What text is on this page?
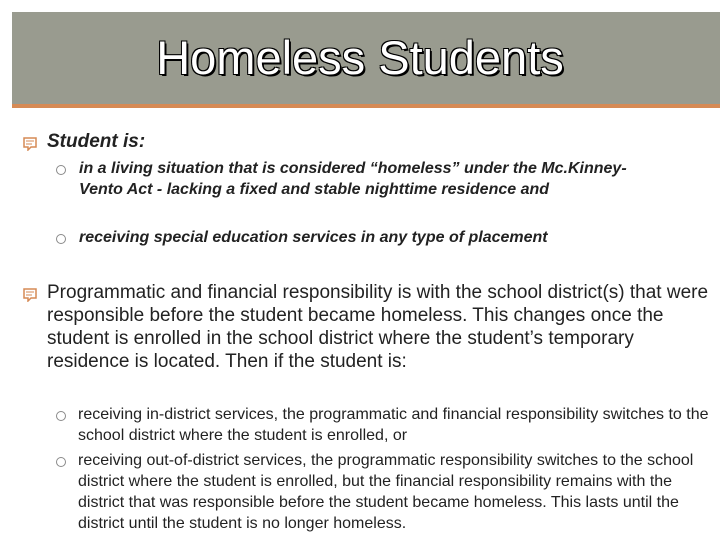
Homeless Students
Student is:
in a living situation that is considered “homeless” under the Mc.Kinney-Vento Act - lacking a fixed and stable nighttime residence and
receiving special education services in any type of placement
Programmatic and financial responsibility is with the school district(s) that were responsible before the student became homeless. This changes once the student is enrolled in the school district where the student’s temporary residence is located. Then if the student is:
receiving in-district services, the programmatic and financial responsibility switches to the school district where the student is enrolled, or
receiving out-of-district services, the programmatic responsibility switches to the school district where the student is enrolled, but the financial responsibility remains with the district that was responsible before the student became homeless. This lasts until the district until the student is no longer homeless.
